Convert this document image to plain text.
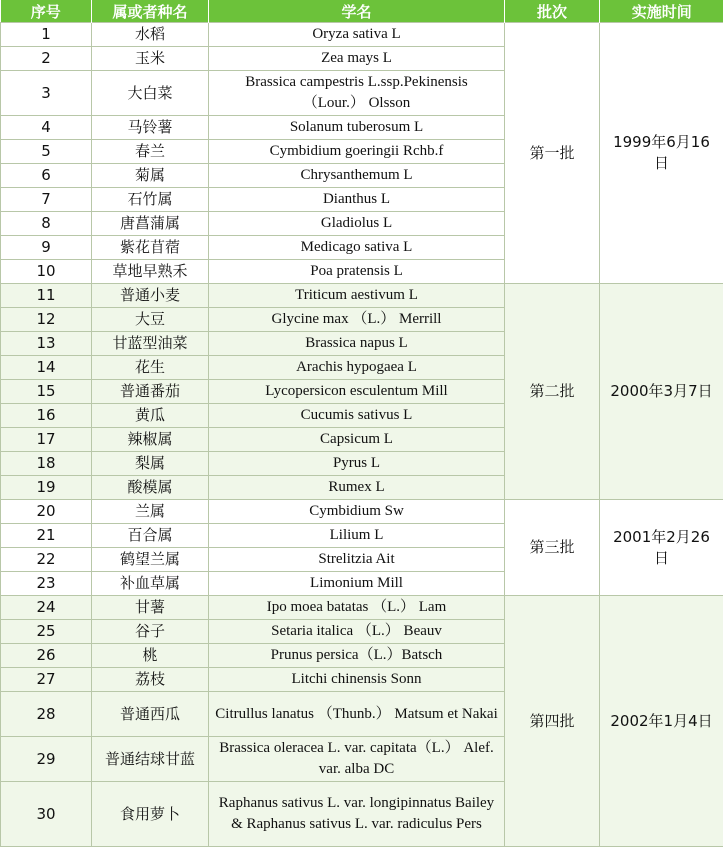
序号	属或者种名	学名	批次	实施时间
1	水稻	Oryza sativa L	第一批	1999年6月16日
2	玉米	Zea mays L		
3	大白菜	Brassica campestris L.ssp.Pekinensis （Lour.） Olsson		
4	马铃薯	Solanum tuberosum L		
5	春兰	Cymbidium goeringii Rchb.f		
6	菊属	Chrysanthemum L		
7	石竹属	Dianthus L		
8	唐菖蒲属	Gladiolus L		
9	紫花苜蓿	Medicago sativa L		
10	草地早熟禾	Poa pratensis L		
11	普通小麦	Triticum aestivum L	第二批	2000年3月7日
12	大豆	Glycine max （L.） Merrill		
13	甘蓝型油菜	Brassica napus L		
14	花生	Arachis hypogaea L		
15	普通番茄	Lycopersicon esculentum Mill		
16	黄瓜	Cucumis sativus L		
17	辣椒属	Capsicum L		
18	梨属	Pyrus L		
19	酸模属	Rumex L		
20	兰属	Cymbidium Sw	第三批	2001年2月26日
21	百合属	Lilium L		
22	鹤望兰属	Strelitzia Ait		
23	补血草属	Limonium Mill		
24	甘薯	Ipo moea batatas （L.） Lam	第四批	2002年1月4日
25	谷子	Setaria italica （L.） Beauv		
26	桃	Prunus persica（L.）Batsch		
27	荔枝	Litchi chinensis Sonn		
28	普通西瓜	Citrullus lanatus （Thunb.） Matsum et Nakai		
29	普通结球甘蓝	Brassica oleracea L. var. capitata（L.） Alef. var. alba DC		
30	食用萝卜	Raphanus sativus L. var. longipinnatus Bailey & Raphanus sativus L. var. radiculus Pers		
